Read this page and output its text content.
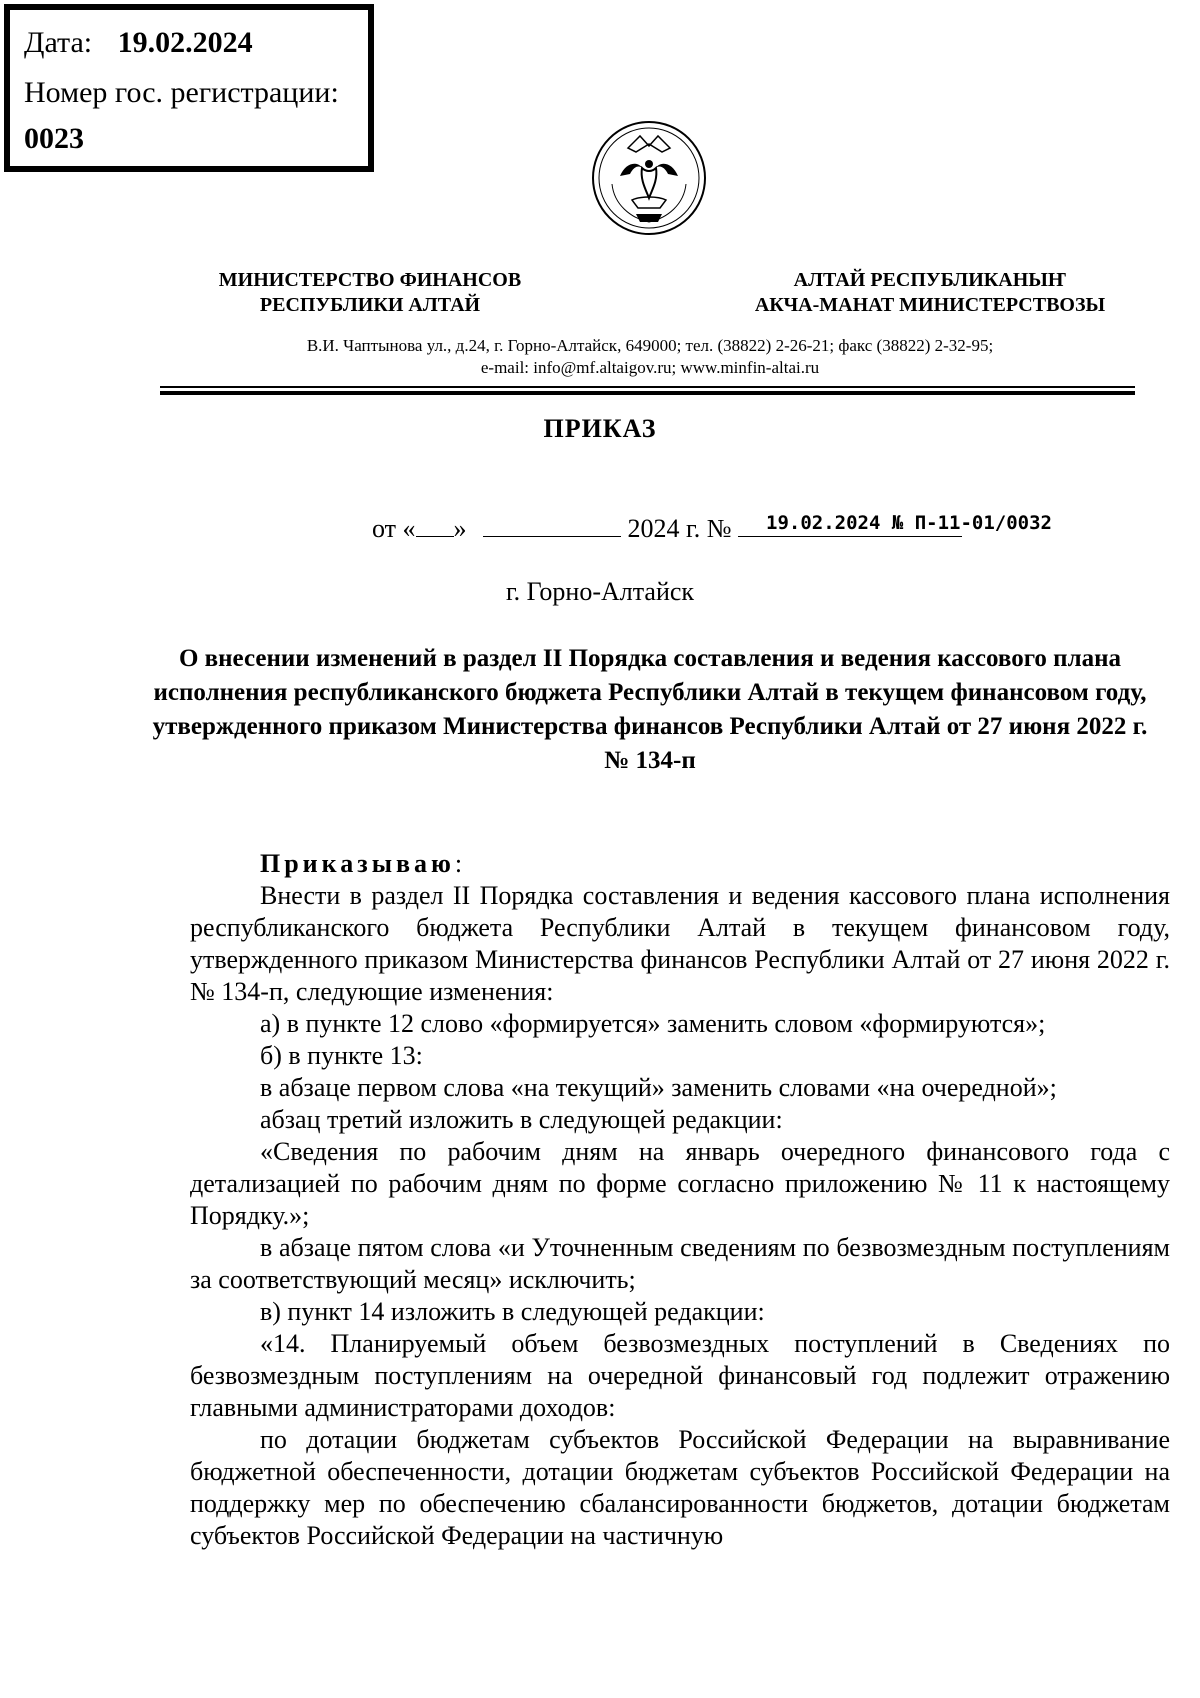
Дата: 19.02.2024
Номер гос. регистрации:
0023
МИНИСТЕРСТВО ФИНАНСОВ
РЕСПУБЛИКИ АЛТАЙ
АЛТАЙ РЕСПУБЛИКАНЫҤ
АКЧА-МАНАТ МИНИСТЕРСТВОЗЫ
В.И. Чаптынова ул., д.24, г. Горно-Алтайск, 649000; тел. (38822) 2-26-21; факс (38822) 2-32-95;
e-mail: info@mf.altaigov.ru; www.minfin-altai.ru
ПРИКАЗ
от « »	2024 г. №	19.02.2024 № П-11-01/0032
г. Горно-Алтайск
О внесении изменений в раздел II Порядка составления и ведения кассового плана исполнения республиканского бюджета Республики Алтай в текущем финансовом году, утвержденного приказом Министерства финансов Республики Алтай от 27 июня 2022 г. № 134-п

Приказываю:

Внести в раздел II Порядка составления и ведения кассового плана исполнения республиканского бюджета Республики Алтай в текущем финансовом году, утвержденного приказом Министерства финансов Республики Алтай от 27 июня 2022 г. № 134-п, следующие изменения:

а) в пункте 12 слово «формируется» заменить словом «формируются»;

б) в пункте 13:

в абзаце первом слова «на текущий» заменить словами «на очередной»;

абзац третий изложить в следующей редакции:

«Сведения по рабочим дням на январь очередного финансового года с детализацией по рабочим дням по форме согласно приложению № 11 к настоящему Порядку.»;

в абзаце пятом слова «и Уточненным сведениям по безвозмездным поступлениям за соответствующий месяц» исключить;

в) пункт 14 изложить в следующей редакции:

«14. Планируемый объем безвозмездных поступлений в Сведениях по безвозмездным поступлениям на очередной финансовый год подлежит отражению главными администраторами доходов:

по дотации бюджетам субъектов Российской Федерации на выравнивание бюджетной обеспеченности, дотации бюджетам субъектов Российской Федерации на поддержку мер по обеспечению сбалансированности бюджетов, дотации бюджетам субъектов Российской Федерации на частичную
